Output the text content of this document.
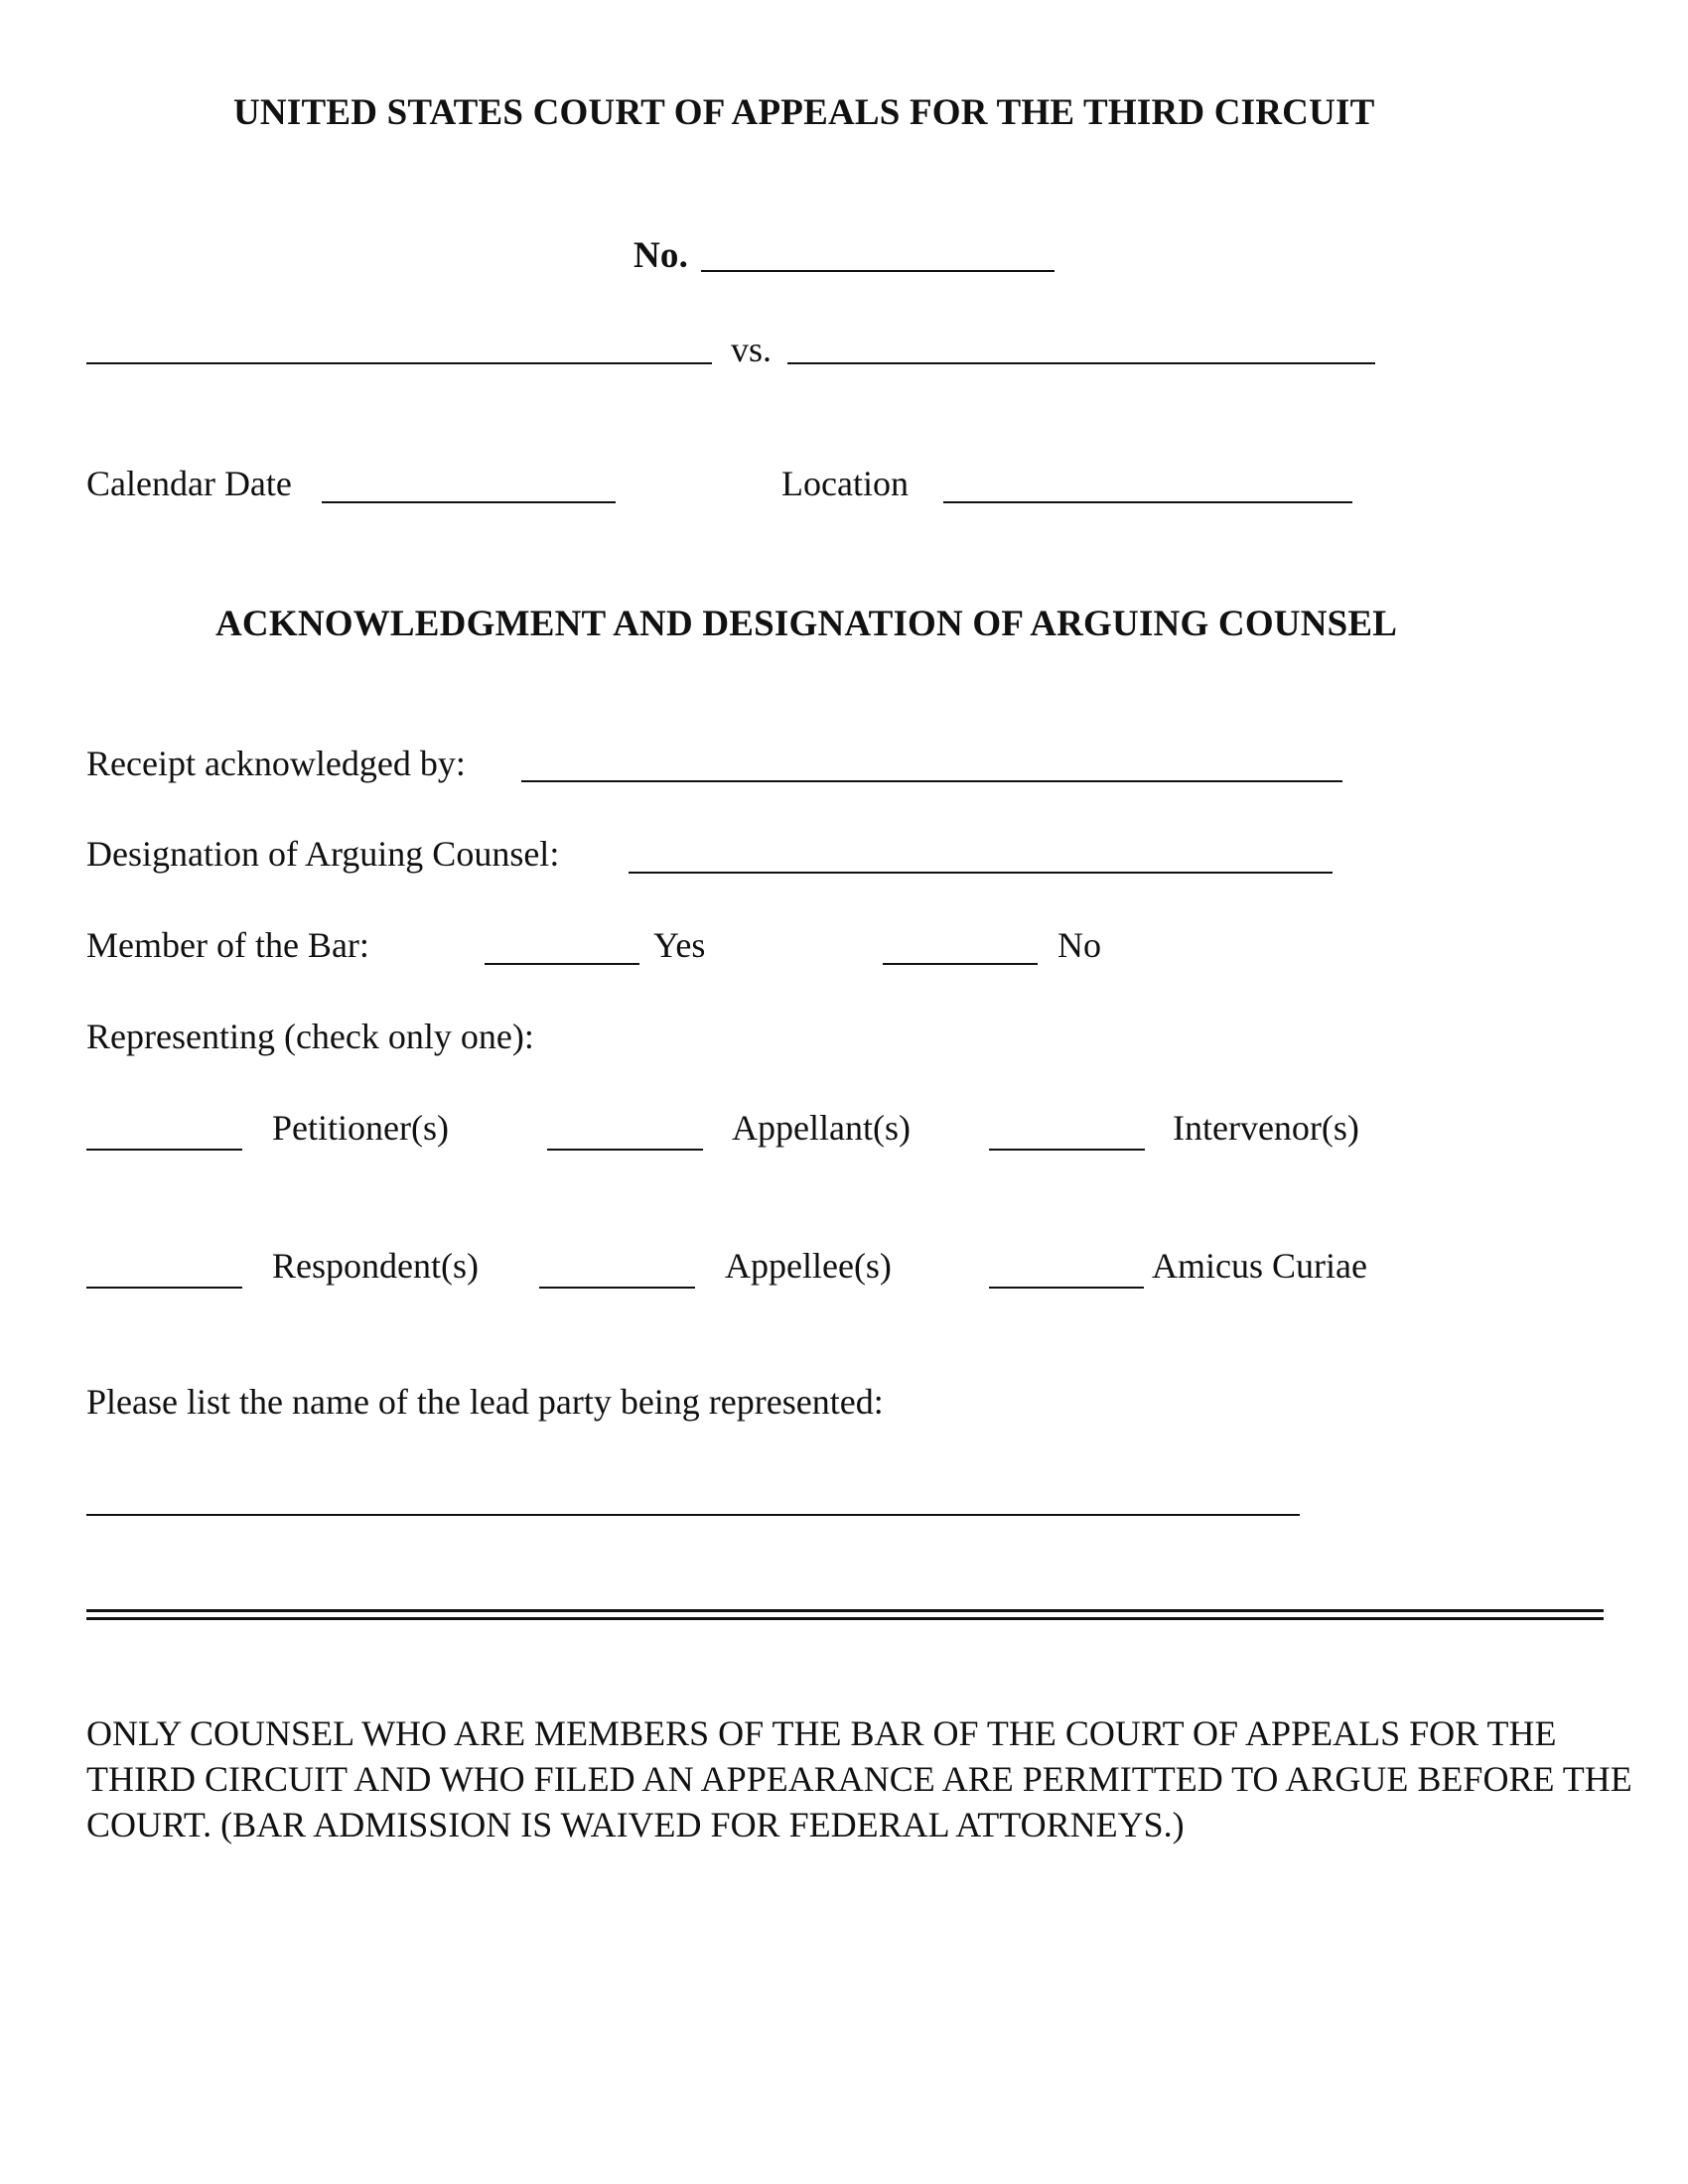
UNITED STATES COURT OF APPEALS FOR THE THIRD CIRCUIT
No.
vs.
Calendar Date	Location
ACKNOWLEDGMENT AND DESIGNATION OF ARGUING COUNSEL
Receipt acknowledged by:
Designation of Arguing Counsel:
Member of the Bar:	Yes	No
Representing (check only one):
Petitioner(s)	Appellant(s)	Intervenor(s)
Respondent(s)	Appellee(s)	Amicus Curiae
Please list the name of the lead party being represented:
ONLY COUNSEL WHO ARE MEMBERS OF THE BAR OF THE COURT OF APPEALS FOR THE THIRD CIRCUIT AND WHO FILED AN APPEARANCE ARE PERMITTED TO ARGUE BEFORE THE COURT. (BAR ADMISSION IS WAIVED FOR FEDERAL ATTORNEYS.)
